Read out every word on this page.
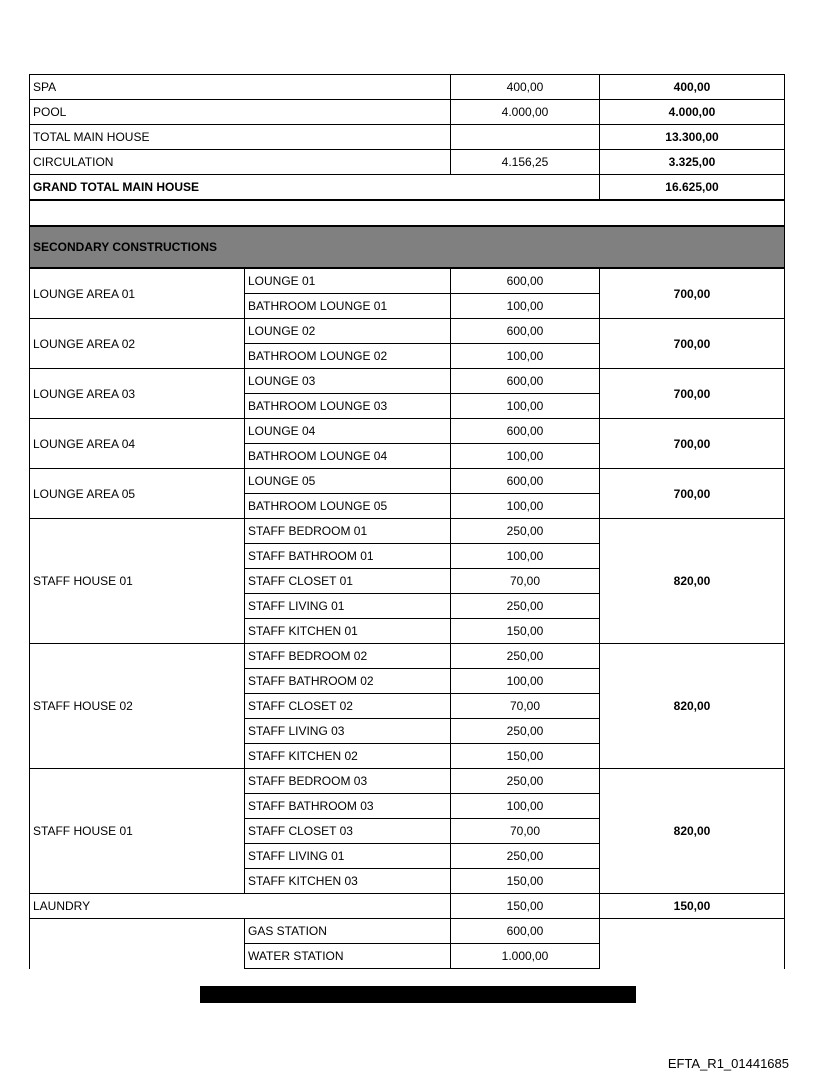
SPA		400,00	400,00
POOL		4.000,00	4.000,00
TOTAL MAIN HOUSE			13.300,00
CIRCULATION		4.156,25	3.325,00
GRAND TOTAL MAIN HOUSE			16.625,00

SECONDARY CONSTRUCTIONS			
LOUNGE AREA 01	LOUNGE 01	600,00	700,00
	BATHROOM LOUNGE 01	100,00	
LOUNGE AREA 02	LOUNGE 02	600,00	700,00
	BATHROOM LOUNGE 02	100,00	
LOUNGE AREA 03	LOUNGE 03	600,00	700,00
	BATHROOM LOUNGE 03	100,00	
LOUNGE AREA 04	LOUNGE 04	600,00	700,00
	BATHROOM LOUNGE 04	100,00	
LOUNGE AREA 05	LOUNGE 05	600,00	700,00
	BATHROOM LOUNGE 05	100,00	
STAFF HOUSE 01	STAFF BEDROOM 01	250,00	820,00
	STAFF BATHROOM 01	100,00	
	STAFF CLOSET 01	70,00	
	STAFF LIVING 01	250,00	
	STAFF KITCHEN 01	150,00	
STAFF HOUSE 02	STAFF BEDROOM 02	250,00	820,00
	STAFF BATHROOM 02	100,00	
	STAFF CLOSET 02	70,00	
	STAFF LIVING 03	250,00	
	STAFF KITCHEN 02	150,00	
STAFF HOUSE 01	STAFF BEDROOM 03	250,00	820,00
	STAFF BATHROOM 03	100,00	
	STAFF CLOSET 03	70,00	
	STAFF LIVING 01	250,00	
	STAFF KITCHEN 03	150,00	
LAUNDRY		150,00	150,00
	GAS STATION	600,00	
	WATER STATION	1.000,00	
EFTA_R1_01441685
